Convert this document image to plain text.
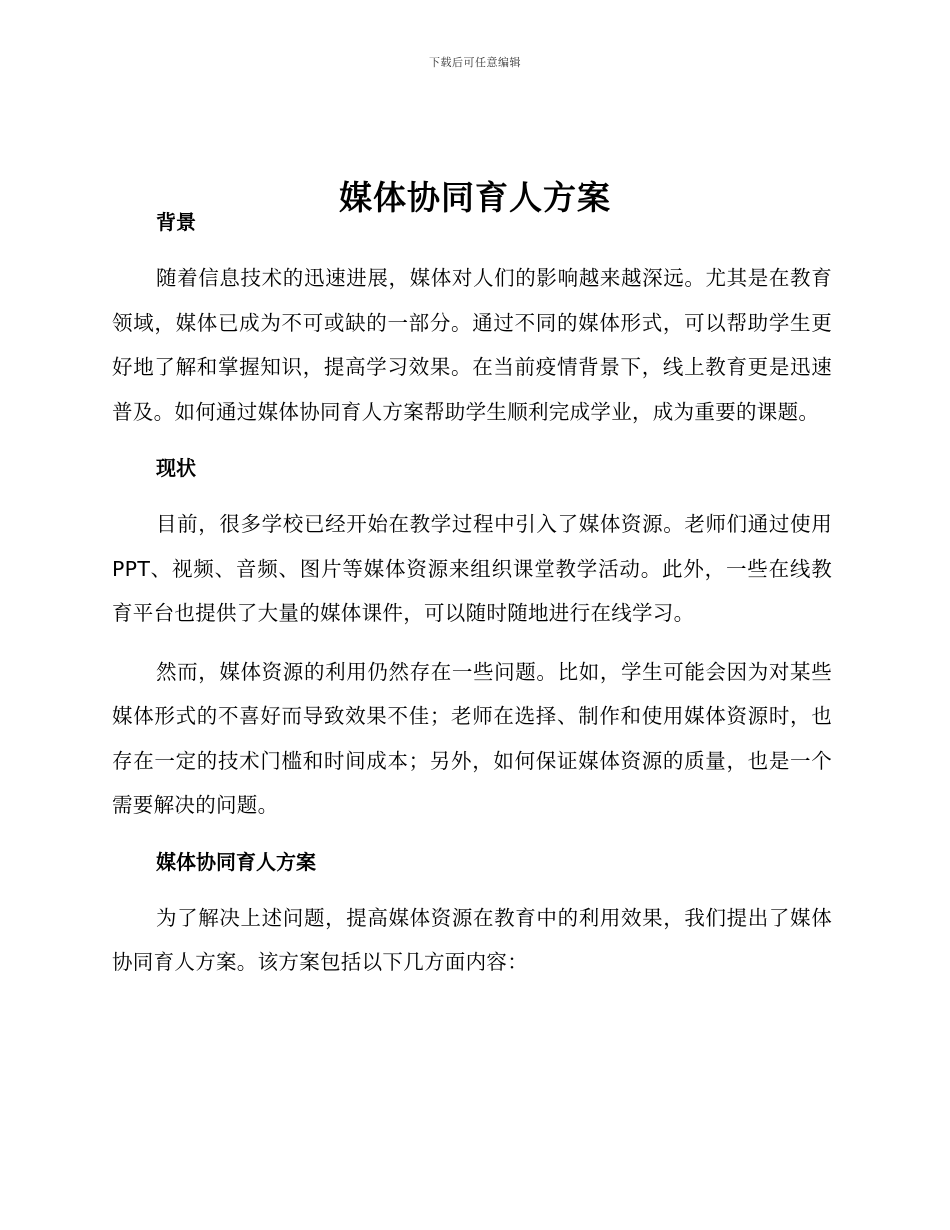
下载后可任意编辑
媒体协同育人方案
背景

随着信息技术的迅速进展，媒体对人们的影响越来越深远。尤其是在教育领域，媒体已成为不可或缺的一部分。通过不同的媒体形式，可以帮助学生更好地了解和掌握知识，提高学习效果。在当前疫情背景下，线上教育更是迅速普及。如何通过媒体协同育人方案帮助学生顺利完成学业，成为重要的课题。

现状

目前，很多学校已经开始在教学过程中引入了媒体资源。老师们通过使用 PPT、视频、音频、图片等媒体资源来组织课堂教学活动。此外，一些在线教育平台也提供了大量的媒体课件，可以随时随地进行在线学习。

然而，媒体资源的利用仍然存在一些问题。比如，学生可能会因为对某些媒体形式的不喜好而导致效果不佳；老师在选择、制作和使用媒体资源时，也存在一定的技术门槛和时间成本；另外，如何保证媒体资源的质量，也是一个需要解决的问题。

媒体协同育人方案

为了解决上述问题，提高媒体资源在教育中的利用效果，我们提出了媒体协同育人方案。该方案包括以下几方面内容：
